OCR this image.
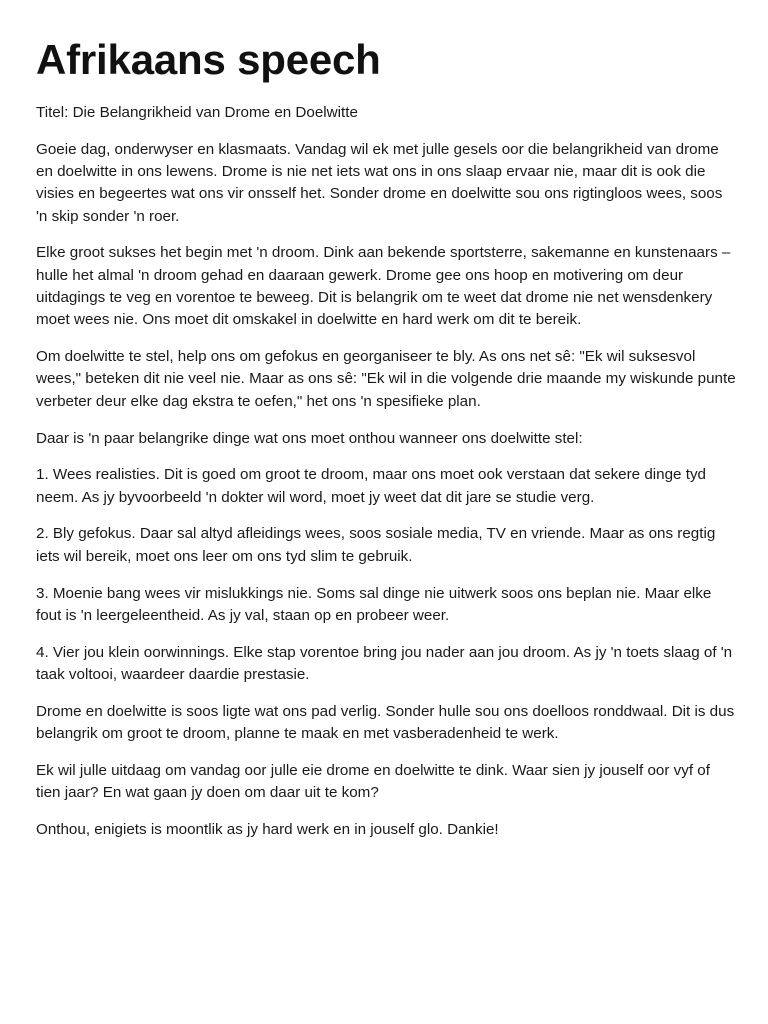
Afrikaans speech

Titel: Die Belangrikheid van Drome en Doelwitte

Goeie dag, onderwyser en klasmaats. Vandag wil ek met julle gesels oor die belangrikheid van drome en doelwitte in ons lewens. Drome is nie net iets wat ons in ons slaap ervaar nie, maar dit is ook die visies en begeertes wat ons vir onsself het. Sonder drome en doelwitte sou ons rigtingloos wees, soos 'n skip sonder 'n roer.

Elke groot sukses het begin met 'n droom. Dink aan bekende sportsterre, sakemanne en kunstenaars – hulle het almal 'n droom gehad en daaraan gewerk. Drome gee ons hoop en motivering om deur uitdagings te veg en vorentoe te beweeg. Dit is belangrik om te weet dat drome nie net wensdenkery moet wees nie. Ons moet dit omskakel in doelwitte en hard werk om dit te bereik.

Om doelwitte te stel, help ons om gefokus en georganiseer te bly. As ons net sê: "Ek wil suksesvol wees," beteken dit nie veel nie. Maar as ons sê: "Ek wil in die volgende drie maande my wiskunde punte verbeter deur elke dag ekstra te oefen," het ons 'n spesifieke plan.

Daar is 'n paar belangrike dinge wat ons moet onthou wanneer ons doelwitte stel:

1. Wees realisties. Dit is goed om groot te droom, maar ons moet ook verstaan dat sekere dinge tyd neem. As jy byvoorbeeld 'n dokter wil word, moet jy weet dat dit jare se studie verg.

2. Bly gefokus. Daar sal altyd afleidings wees, soos sosiale media, TV en vriende. Maar as ons regtig iets wil bereik, moet ons leer om ons tyd slim te gebruik.

3. Moenie bang wees vir mislukkings nie. Soms sal dinge nie uitwerk soos ons beplan nie. Maar elke fout is 'n leergeleentheid. As jy val, staan op en probeer weer.

4. Vier jou klein oorwinnings. Elke stap vorentoe bring jou nader aan jou droom. As jy 'n toets slaag of 'n taak voltooi, waardeer daardie prestasie.

Drome en doelwitte is soos ligte wat ons pad verlig. Sonder hulle sou ons doelloos ronddwaal. Dit is dus belangrik om groot te droom, planne te maak en met vasberadenheid te werk.

Ek wil julle uitdaag om vandag oor julle eie drome en doelwitte te dink. Waar sien jy jouself oor vyf of tien jaar? En wat gaan jy doen om daar uit te kom?

Onthou, enigiets is moontlik as jy hard werk en in jouself glo. Dankie!
